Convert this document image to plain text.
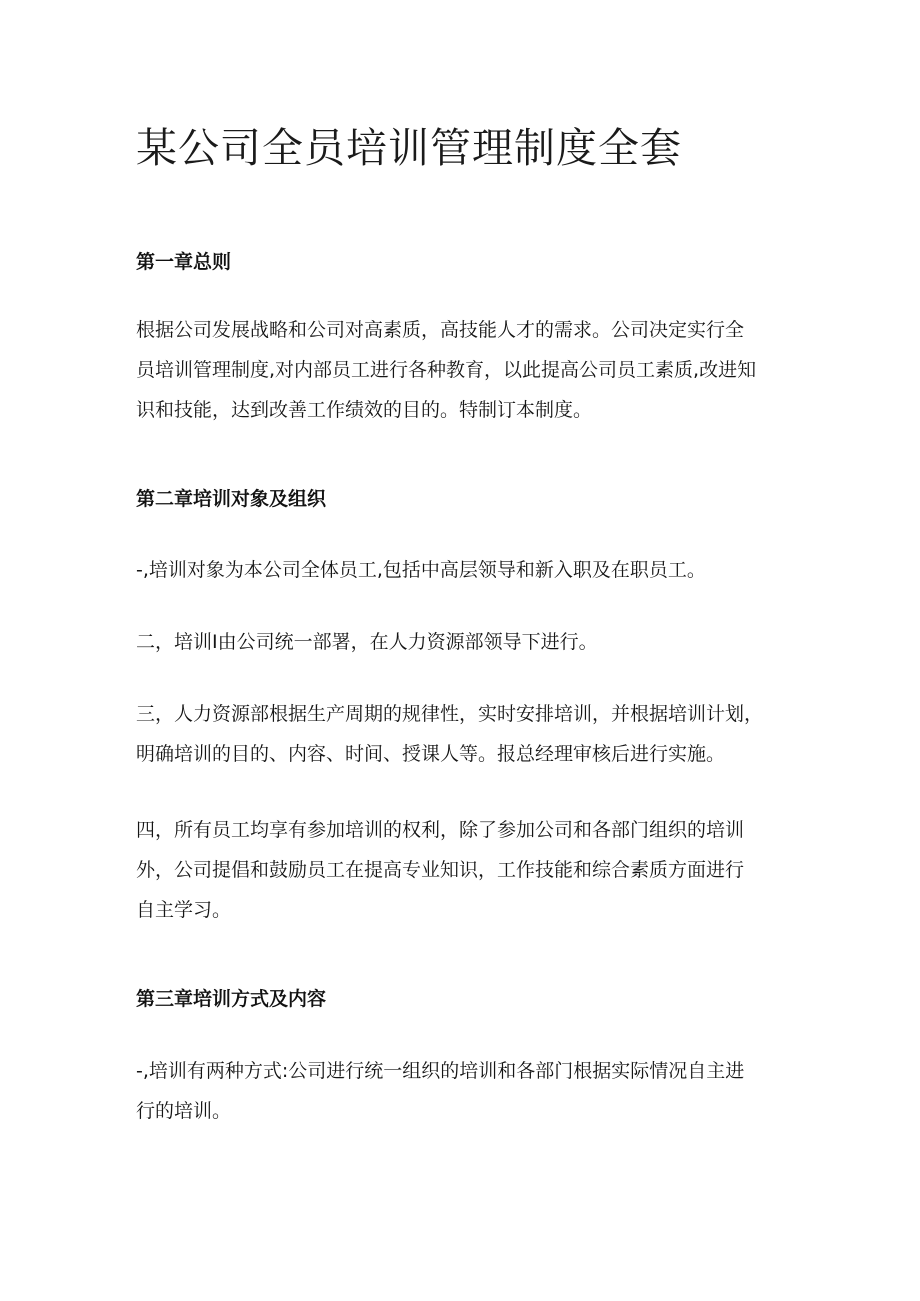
某公司全员培训管理制度全套
第一章总则

根据公司发展战略和公司对高素质，高技能人才的需求。公司决定实行全
员培训管理制度,对内部员工进行各种教育，以此提高公司员工素质,改进知
识和技能，达到改善工作绩效的目的。特制订本制度。

第二章培训对象及组织

-,培训对象为本公司全体员工,包括中高层领导和新入职及在职员工。

二，培训I由公司统一部署，在人力资源部领导下进行。

三，人力资源部根据生产周期的规律性，实时安排培训，并根据培训计划，
明确培训的目的、内容、时间、授课人等。报总经理审核后进行实施。

四，所有员工均享有参加培训的权利，除了参加公司和各部门组织的培训
外，公司提倡和鼓励员工在提高专业知识，工作技能和综合素质方面进行
自主学习。

第三章培训方式及内容

-,培训有两种方式:公司进行统一组织的培训和各部门根据实际情况自主进
行的培训。
